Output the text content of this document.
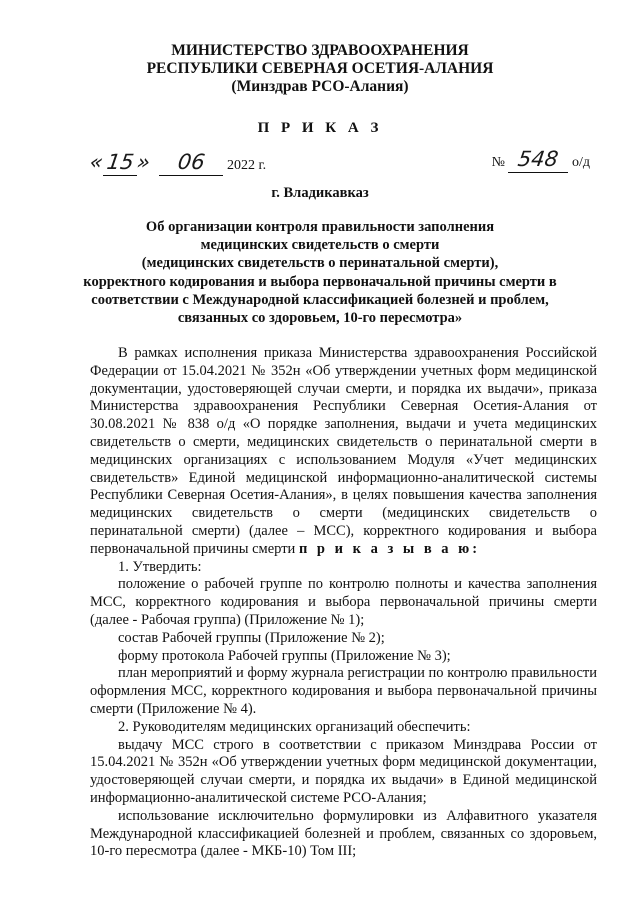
МИНИСТЕРСТВО ЗДРАВООХРАНЕНИЯ
РЕСПУБЛИКИ СЕВЕРНАЯ ОСЕТИЯ-АЛАНИЯ
(Минздрав РСО-Алания)
П Р И К А З
«15» 06 2022 г.	№ 548 о/д
г. Владикавказ
Об организации контроля правильности заполнения
медицинских свидетельств о смерти
(медицинских свидетельств о перинатальной смерти),
корректного кодирования и выбора первоначальной причины смерти в
соответствии с Международной классификацией болезней и проблем,
связанных со здоровьем, 10-го пересмотра»

В рамках исполнения приказа Министерства здравоохранения Российской Федерации от 15.04.2021 № 352н «Об утверждении учетных форм медицинской документации, удостоверяющей случаи смерти, и порядка их выдачи», приказа Министерства здравоохранения Республики Северная Осетия-Алания от 30.08.2021 № 838 о/д «О порядке заполнения, выдачи и учета медицинских свидетельств о смерти, медицинских свидетельств о перинатальной смерти в медицинских организациях с использованием Модуля «Учет медицинских свидетельств» Единой медицинской информационно-аналитической системы Республики Северная Осетия-Алания», в целях повышения качества заполнения медицинских свидетельств о смерти (медицинских свидетельств о перинатальной смерти) (далее – МСС), корректного кодирования и выбора первоначальной причины смерти п р и к а з ы в а ю:

1. Утвердить:

положение о рабочей группе по контролю полноты и качества заполнения МСС, корректного кодирования и выбора первоначальной причины смерти (далее - Рабочая группа) (Приложение № 1);

состав Рабочей группы (Приложение № 2);

форму протокола Рабочей группы (Приложение № 3);

план мероприятий и форму журнала регистрации по контролю правильности оформления МСС, корректного кодирования и выбора первоначальной причины смерти (Приложение № 4).

2. Руководителям медицинских организаций обеспечить:

выдачу МСС строго в соответствии с приказом Минздрава России от 15.04.2021 № 352н «Об утверждении учетных форм медицинской документации, удостоверяющей случаи смерти, и порядка их выдачи» в Единой медицинской информационно-аналитической системе РСО-Алания;

использование исключительно формулировки из Алфавитного указателя Международной классификацией болезней и проблем, связанных со здоровьем, 10-го пересмотра (далее - МКБ-10) Том III;
